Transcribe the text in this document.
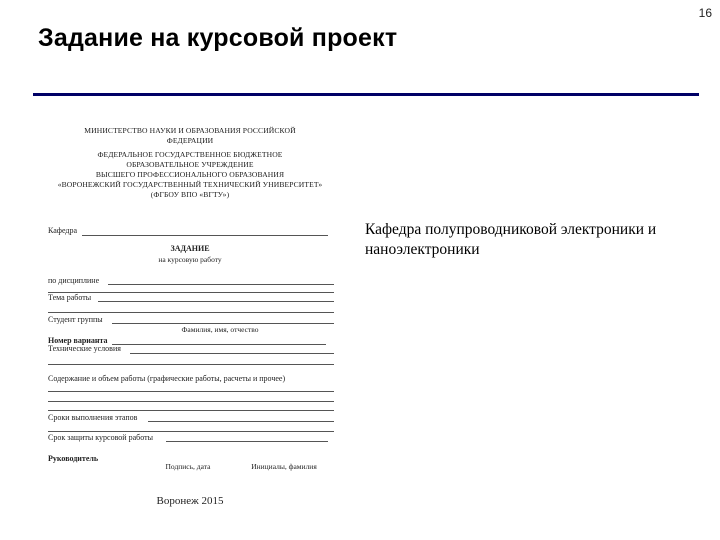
16
Задание на курсовой проект
МИНИСТЕРСТВО НАУКИ И ОБРАЗОВАНИЯ РОССИЙСКОЙ
ФЕДЕРАЦИИ
ФЕДЕРАЛЬНОЕ ГОСУДАРСТВЕННОЕ БЮДЖЕТНОЕ
ОБРАЗОВАТЕЛЬНОЕ УЧРЕЖДЕНИЕ
ВЫСШЕГО ПРОФЕССИОНАЛЬНОГО ОБРАЗОВАНИЯ
«ВОРОНЕЖСКИЙ ГОСУДАРСТВЕННЫЙ ТЕХНИЧЕСКИЙ УНИВЕРСИТЕТ»
(ФГБОУ ВПО «ВГТУ»)
Кафедра
ЗАДАНИЕ
на курсовую работу
по дисциплине
Тема работы
Студент группы
Фамилия, имя, отчество
Номер варианта
Технические условия
Содержание и объем работы (графические работы, расчеты и прочее)
Сроки выполнения этапов
Срок защиты курсовой работы
Руководитель
Подпись, дата	Инициалы, фамилия
Воронеж 2015
Кафедра полупроводниковой электроники и наноэлектроники
